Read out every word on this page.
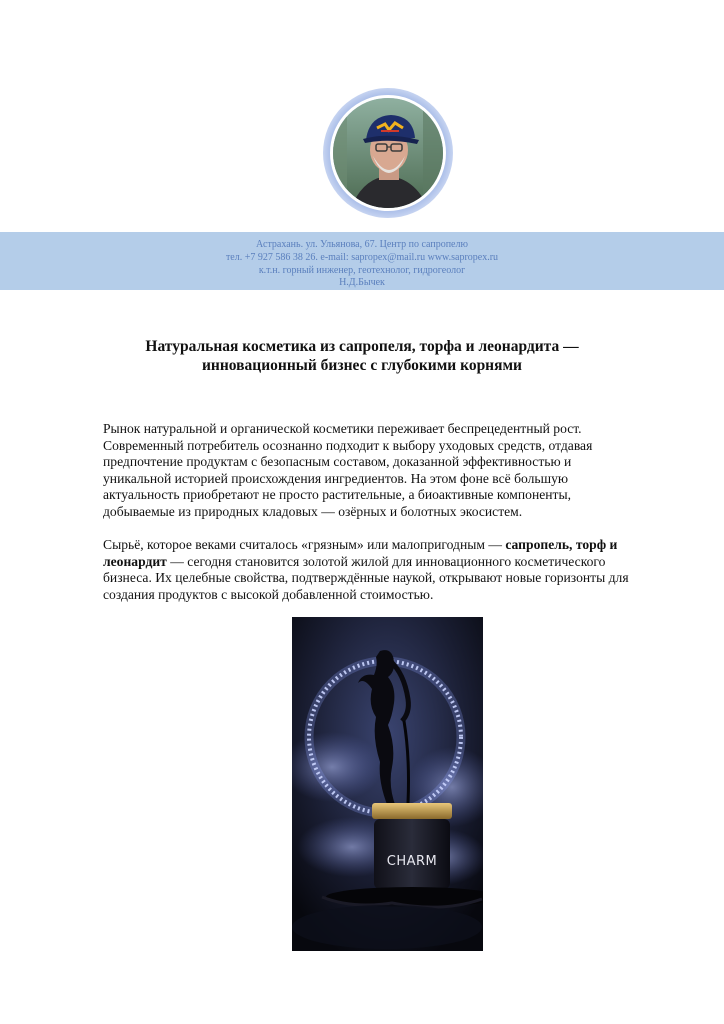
Астрахань. ул. Ульянова, 67. Центр по сапропелю
тел. +7 927 586 38 26. e-mail: sapropex@mail.ru www.sapropex.ru
к.т.н. горный инженер, геотехнолог, гидрогеолог
Н.Д.Бычек
Натуральная косметика из сапропеля, торфа и леонардита —
инновационный бизнес с глубокими корнями
Рынок натуральной и органической косметики переживает беспрецедентный рост.
Современный потребитель осознанно подходит к выбору уходовых средств, отдавая
предпочтение продуктам с безопасным составом, доказанной эффективностью и
уникальной историей происхождения ингредиентов. На этом фоне всё большую
актуальность приобретают не просто растительные, а биоактивные компоненты,
добываемые из природных кладовых — озёрных и болотных экосистем.
Сырьё, которое веками считалось «грязным» или малопригодным — сапропель, торф и
леонардит — сегодня становится золотой жилой для инновационного косметического
бизнеса. Их целебные свойства, подтверждённые наукой, открывают новые горизонты для
создания продуктов с высокой добавленной стоимостью.
CHARM
